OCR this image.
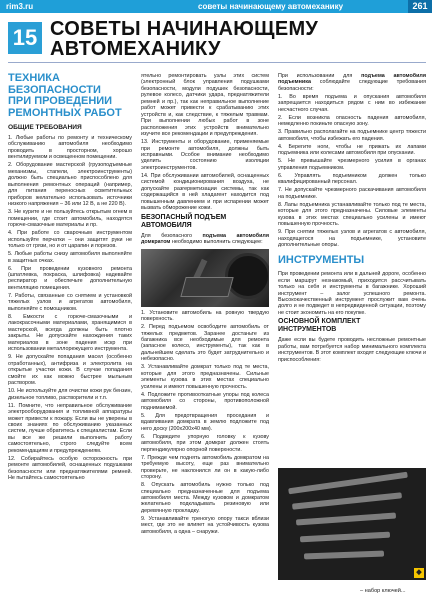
rim3.ru	советы начинающему автомеханику	261
15 СОВЕТЫ НАЧИНАЮЩЕМУ
АВТОМЕХАНИКУ
ТЕХНИКА
БЕЗОПАСНОСТИ
ПРИ ПРОВЕДЕНИИ
РЕМОНТНЫХ РАБОТ
ОБЩИЕ ТРЕБОВАНИЯ

1. Любые работы по ремонту и техническому обслуживанию автомобиля необходимо проводить в просторном, хорошо вентилируемом и освещенном помещении.

2. Оборудование мастерской (грузоподъемные механизмы, стапели, электроинструменты) должно быть специально приспособлено для выполнения ремонтных операций (например, для питания переносных осветительных приборов желательно использовать источники низкого напряжения – 36 или 12 В, а не 220 В).

3. Не курите и не пользуйтесь открытым огнем в помещении, где стоит автомобиль, находятся горюче-смазочные материалы и пр.

4. При работе со сварочным инструментом используйте перчатки – они защитят руки не только от грязи, но и от царапин и порезов.

5. Любые работы снизу автомобиля выполняйте в защитных очках.

6. При проведении кузовного ремонта (шпатлевка, покраска, шлифовка) надевайте респиратор и обеспечьте дополнительную вентиляцию помещения.

7. Работы, связанные со снятием и установкой тяжелых узлов и агрегатов автомобиля, выполняйте с помощником.

8. Емкости с горюче-смазочными и лакокрасочными материалами, хранящимися в мастерской, всегда должны быть плотно закрыты. Не допускайте нахождения таких материалов в зоне падения искр при использовании металлорежущего инструмента.

9. Не допускайте попадания масел (особенно отработанных), антифриза и электролита на открытые участки кожи. В случае попадания смойте их как можно быстрее мыльным раствором.

10. Не используйте для очистки кожи рук бензин, дизельное топливо, растворители и т.п.

11. Помните, что неправильное обслуживание электрооборудования и топливной аппаратуры может привести к пожару. Если вы не уверены в своих знаниях по обслуживанию указанных систем, лучше обратитесь к специалистам. Если вы все же решили выполнить работу самостоятельно, строго следуйте всем рекомендациям и предупреждениям.

12. Собирайтесь особую осторожность при ремонте автомобилей, оснащенных подушками безопасности или преднатяжителями ремней. Не пытайтесь самостоятельно

ятельно ремонтировать узлы этих систем (электронный блок управления подушками безопасности, модули подушек безопасности, рулевое колесо, датчики удара, преднатяжители ремней и пр.), так как неправильное выполнение работ может привести к срабатыванию этих устройств и, как следствие, к тяжелым травмам. При выполнении любых работ в зоне расположения этих устройств внимательно изучите все рекомендации и предупреждения.

13. Инструменты и оборудование, применяемые при ремонте автомобиля, должны быть исправными. Особое внимание необходимо уделить состоянию изоляции электроинструментов.

14. При обслуживании автомобилей, оснащенных системой кондиционирования воздуха, не допускайте разгерметизации системы, так как содержащийся в ней хладагент находится под повышенным давлением и при испарении может вызвать обморожение кожи.

БЕЗОПАСНЫЙ ПОДЪЕМ
АВТОМОБИЛЯ

Для безопасного подъема автомобиля домкратом необходимо выполнить следующее:

1. Установите автомобиль на ровную твердую поверхность.

2. Перед подъемом освободите автомобиль от тяжелых предметов. Заранее достаньте из багажника все необходимые для ремонта (запасное колесо, инструменты), так как в дальнейшем сделать это будет затруднительно и небезопасно.

3. Устанавливайте домкрат только под те места, которые для этого предназначены. Сильные элементы кузова в этих местах специально усилены и имеют повышенную прочность.

4. Подложите противооткатные упоры под колеса автомобиля со стороны, противоположной поднимаемой.

5. Для предотвращения проседания и вдавливания домкрата в землю подложите под него доску (200x200x40 мм).

6. Подведите упорную головку к кузову автомобиля, при этом домкрат должен стоять перпендикулярно опорной поверхности.

7. Прежде чем поднять автомобиль домкратом на требуемую высоту, еще раз внимательно проверьте, не наклонился ли он в какую-либо сторону.

8. Опускать автомобиль нужно только под специально предназначенные для подъема автомобиля места. Между кузовом и домкратом желательно подкладывать резиновую или деревянную прокладку.

9. Устанавливайте треногую опору такси вблизи мест, где это не влияет на устойчивость кузова автомобиля, а одна – снаружи.

При использовании для подъема автомобиля подъемника соблюдайте следующие требования безопасности:

1. Во время подъема и опускания автомобиля запрещается находиться рядом с ним во избежание несчастного случая.

2. Если возникла опасность падения автомобиля, немедленно покиньте опасную зону.

3. Правильно располагайте на подъемнике центр тяжести автомобиля, чтобы избежать его падения.

4. Берегите ноги, чтобы не прижать их лапами подъемника или колесами автомобиля при опускании.

5. Не превышайте чрезмерного усилия в органах управления подъемником.

6. Управлять подъемником должен только квалифицированный персонал.

7. Не допускайте чрезмерного раскачивания автомобиля на подъемнике.

8. Лапы подъемника устанавливайте только под те места, которые для этого предназначены. Силовые элементы кузова в этих местах специально усилены и имеют повышенную прочность.

9. При снятии тяжелых узлов и агрегатов с автомобиля, находящегося на подъемнике, установите дополнительные опоры.

ИНСТРУМЕНТЫ

При проведении ремонта или в дальней дороге, особенно если маршрут незнакомый, приходится рассчитывать только на себя и инструменты в багажнике. Хороший инструмент – залог успешного ремонта. Высококачественный инструмент прослужит вам очень долго и не подведет в непредвиденной ситуации, поэтому не стоит экономить на его покупке.

ОСНОВНОЙ КОМПЛЕКТ
ИНСТРУМЕНТОВ

Даже если вы будете проводить несложные ремонтные работы, вам потребуется набор минимального комплекта инструментов. В этот комплект входят следующие ключи и приспособления:

◆
– набор ключей...
